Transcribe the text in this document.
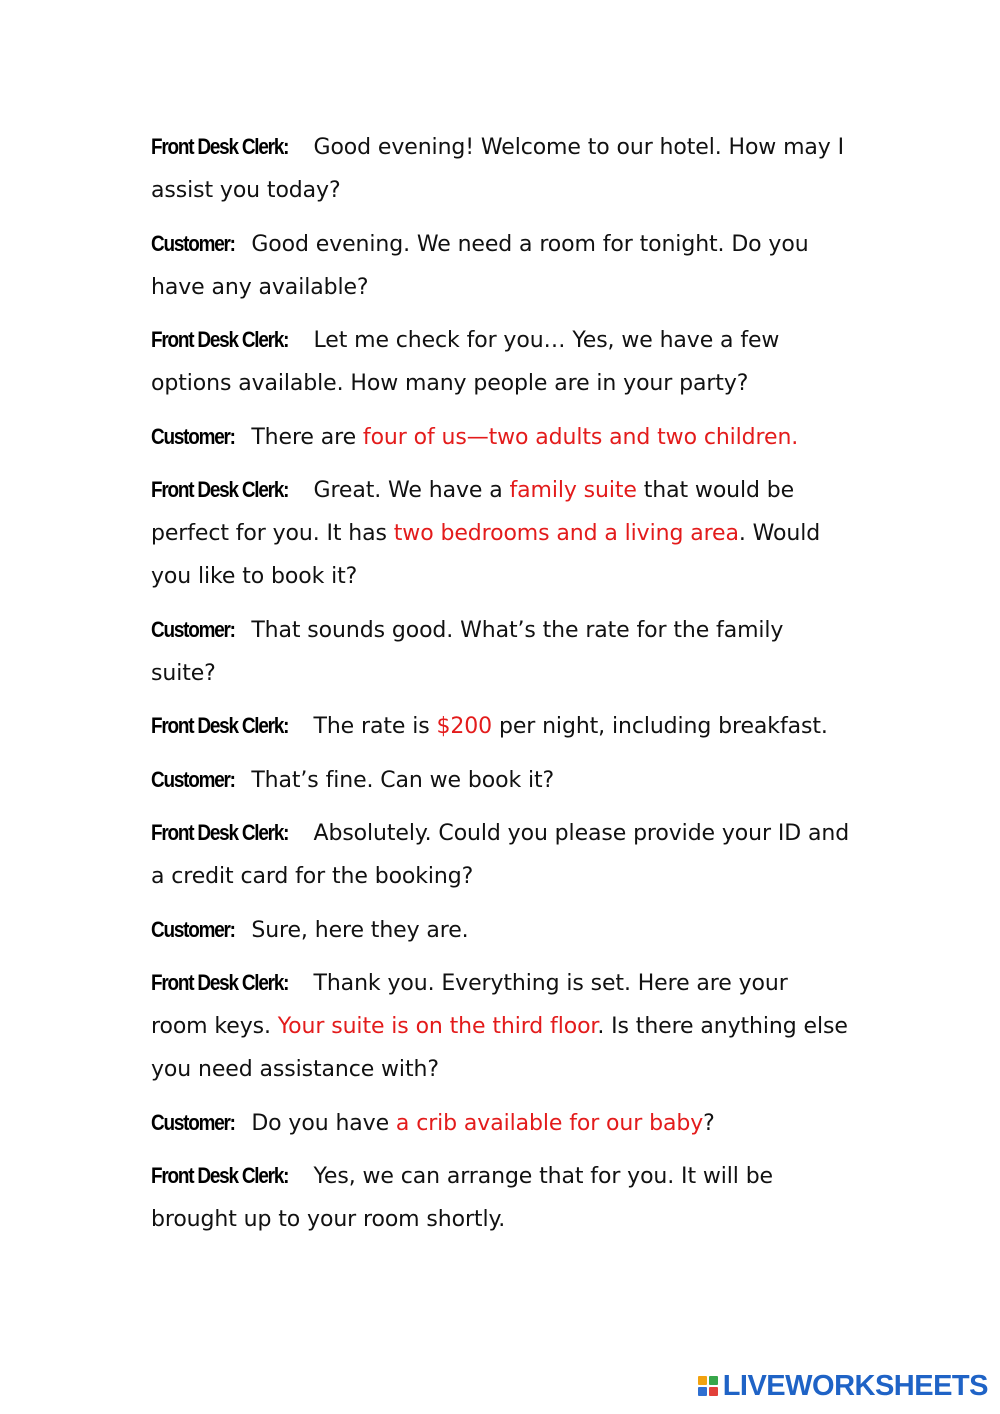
Front Desk Clerk: Good evening! Welcome to our hotel. How may I assist you today?

Customer: Good evening. We need a room for tonight. Do you have any available?

Front Desk Clerk: Let me check for you… Yes, we have a few options available. How many people are in your party?

Customer: There are four of us—two adults and two children.

Front Desk Clerk: Great. We have a family suite that would be perfect for you. It has two bedrooms and a living area. Would you like to book it?

Customer: That sounds good. What’s the rate for the family suite?

Front Desk Clerk: The rate is $200 per night, including breakfast.

Customer: That’s fine. Can we book it?

Front Desk Clerk: Absolutely. Could you please provide your ID and a credit card for the booking?

Customer: Sure, here they are.

Front Desk Clerk: Thank you. Everything is set. Here are your room keys. Your suite is on the third floor. Is there anything else you need assistance with?

Customer: Do you have a crib available for our baby?

Front Desk Clerk: Yes, we can arrange that for you. It will be brought up to your room shortly.

LIVEWORKSHEETS
